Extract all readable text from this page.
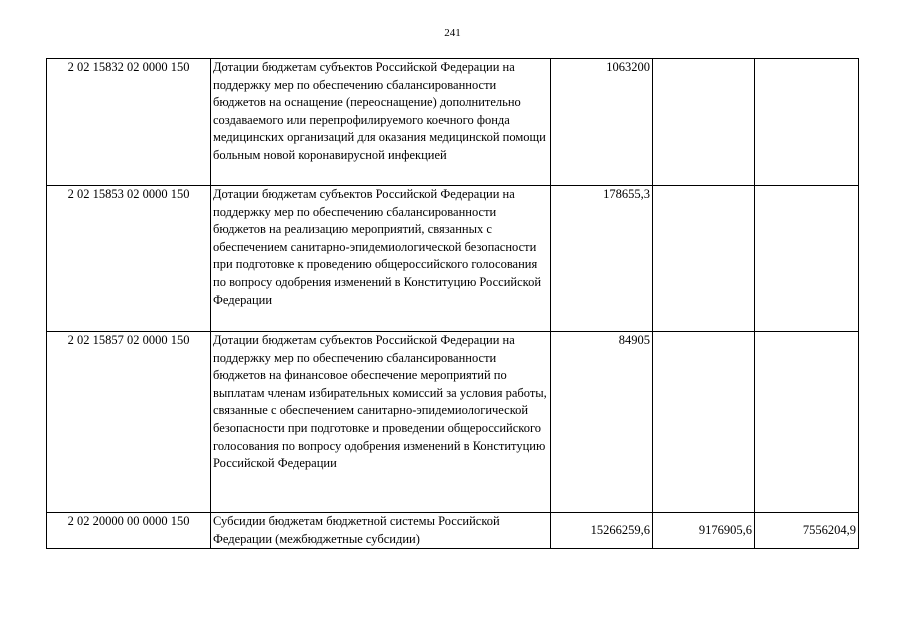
241
2 02 15832 02 0000 150	Дотации бюджетам субъектов Российской Федерации на поддержку мер по обеспечению сбалансированности бюджетов на оснащение (переоснащение) дополнительно создаваемого или перепрофилируемого коечного фонда медицинских организаций для оказания медицинской помощи больным новой коронавирусной инфекцией	1063200		
2 02 15853 02 0000 150	Дотации бюджетам субъектов Российской Федерации на поддержку мер по обеспечению сбалансированности бюджетов на реализацию мероприятий, связанных с обеспечением санитарно-эпидемиологической безопасности при подготовке к проведению общероссийского голосования по вопросу одобрения изменений в Конституцию Российской Федерации	178655,3		
2 02 15857 02 0000 150	Дотации бюджетам субъектов Российской Федерации на поддержку мер по обеспечению сбалансированности бюджетов на финансовое обеспечение мероприятий по выплатам членам избирательных комиссий за условия работы, связанные с обеспечением санитарно-эпидемиологической безопасности при подготовке и проведении общероссийского голосования по вопросу одобрения изменений в Конституцию Российской Федерации	84905		
2 02 20000 00 0000 150	Субсидии бюджетам бюджетной системы Российской Федерации (межбюджетные субсидии)	15266259,6	9176905,6	7556204,9
